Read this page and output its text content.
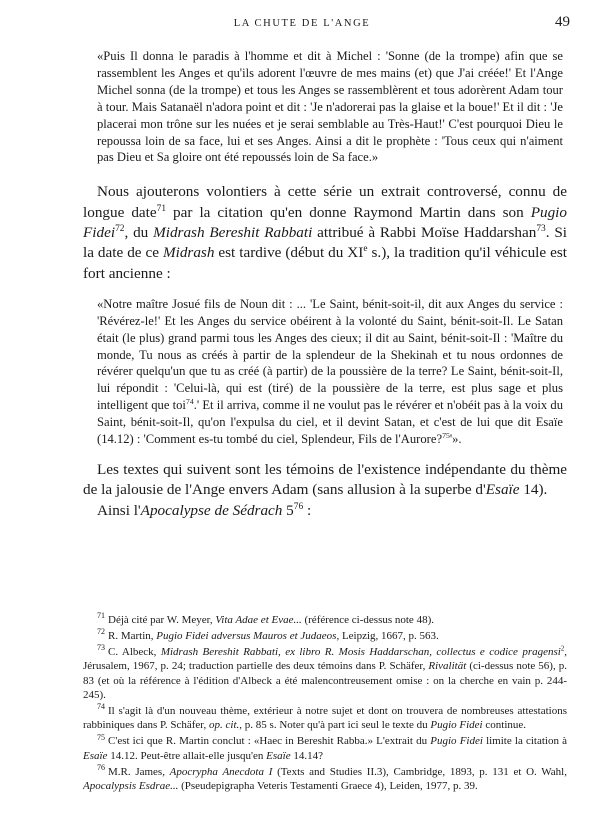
LA CHUTE DE L'ANGE	49

«Puis Il donna le paradis à l'homme et dit à Michel : 'Sonne (de la trompe) afin que se rassemblent les Anges et qu'ils adorent l'œuvre de mes mains (et) que J'ai créée!' Et l'Ange Michel sonna (de la trompe) et tous les Anges se rassemblèrent et tous adorèrent Adam tour à tour. Mais Satanaël n'adora point et dit : 'Je n'adorerai pas la glaise et la boue!' Et il dit : 'Je placerai mon trône sur les nuées et je serai semblable au Très-Haut!' C'est pourquoi Dieu le repoussa loin de sa face, lui et ses Anges. Ainsi a dit le prophète : 'Tous ceux qui n'aiment pas Dieu et Sa gloire ont été repoussés loin de Sa face.»

Nous ajouterons volontiers à cette série un extrait controversé, connu de longue date$^{71}$ par la citation qu'en donne Raymond Martin dans son Pugio Fidei$^{72}$, du Midrash Bereshit Rabbati attribué à Rabbi Moïse Haddarshan$^{73}$. Si la date de ce Midrash est tardive (début du XIe s.), la tradition qu'il véhicule est fort ancienne :

«Notre maître Josué fils de Noun dit : ... 'Le Saint, bénit-soit-il, dit aux Anges du service : 'Révérez-le!' Et les Anges du service obéirent à la volonté du Saint, bénit-soit-Il. Le Satan était (le plus) grand parmi tous les Anges des cieux; il dit au Saint, bénit-soit-Il : 'Maître du monde, Tu nous as créés à partir de la splendeur de la Shekinah et tu nous ordonnes de révérer quelqu'un que tu as créé (à partir) de la poussière de la terre? Le Saint, bénit-soit-Il, lui répondit : 'Celui-là, qui est (tiré) de la poussière de la terre, est plus sage et plus intelligent que toi$^{74}$.' Et il arriva, comme il ne voulut pas le révérer et n'obéit pas à la voix du Saint, bénit-soit-Il, qu'on l'expulsa du ciel, et il devint Satan, et c'est de lui que dit Esaïe (14.12) : 'Comment es-tu tombé du ciel, Splendeur, Fils de l'Aurore?$^{75}$'».

Les textes qui suivent sont les témoins de l'existence indépendante du thème de la jalousie de l'Ange envers Adam (sans allusion à la superbe d'Esaïe 14).

Ainsi l'Apocalypse de Sédrach $5^{76}$ :

$^{71}$ Déjà cité par W. Meyer, Vita Adae et Evae... (référence ci-dessus note 48).

$^{72}$ R. Martin, Pugio Fidei adversus Mauros et Judaeos, Leipzig, 1667, p. 563.

$^{73}$ C. Albeck, Midrash Bereshit Rabbati, ex libro R. Mosis Haddarschan, collectus e codice pragensi$^2$, Jérusalem, 1967, p. 24; traduction partielle des deux témoins dans P. Schäfer, Rivalität (ci-dessus note 56), p. 83 (et où la référence à l'édition d'Albeck a été malencontreusement omise : on la cherche en vain p. 244-245).

$^{74}$ Il s'agit là d'un nouveau thème, extérieur à notre sujet et dont on trouvera de nombreuses attestations rabbiniques dans P. Schäfer, op. cit., p. 85 s. Noter qu'à part ici seul le texte du Pugio Fidei continue.

$^{75}$ C'est ici que R. Martin conclut : «Haec in Bereshit Rabba.» L'extrait du Pugio Fidei limite la citation à Esaïe 14.12. Peut-être allait-elle jusqu'en Esaïe 14.14?

$^{76}$ M.R. James, Apocrypha Anecdota I (Texts and Studies II.3), Cambridge, 1893, p. 131 et O. Wahl, Apocalypsis Esdrae... (Pseudepigrapha Veteris Testamenti Graece 4), Leiden, 1977, p. 39.
